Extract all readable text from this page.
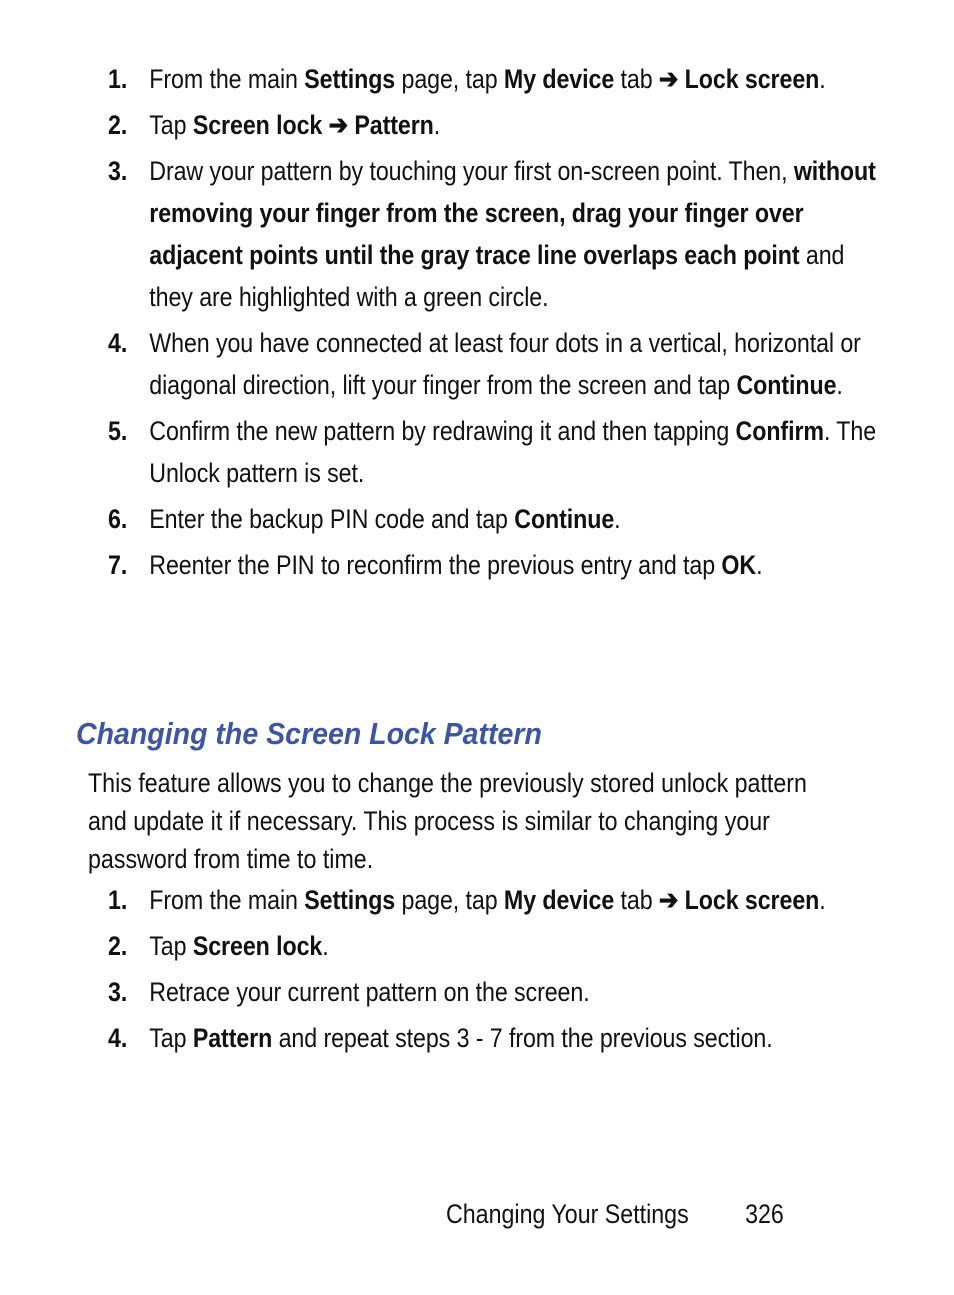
1. From the main Settings page, tap My device tab ➔ Lock screen.
2. Tap Screen lock ➔ Pattern.
3. Draw your pattern by touching your first on-screen point. Then, without removing your finger from the screen, drag your finger over adjacent points until the gray trace line overlaps each point and they are highlighted with a green circle.
4. When you have connected at least four dots in a vertical, horizontal or diagonal direction, lift your finger from the screen and tap Continue.
5. Confirm the new pattern by redrawing it and then tapping Confirm. The Unlock pattern is set.
6. Enter the backup PIN code and tap Continue.
7. Reenter the PIN to reconfirm the previous entry and tap OK.
Changing the Screen Lock Pattern

This feature allows you to change the previously stored unlock pattern and update it if necessary. This process is similar to changing your password from time to time.

1. From the main Settings page, tap My device tab ➔ Lock screen.
2. Tap Screen lock.
3. Retrace your current pattern on the screen.
4. Tap Pattern and repeat steps 3 - 7 from the previous section.
Changing Your Settings 326
